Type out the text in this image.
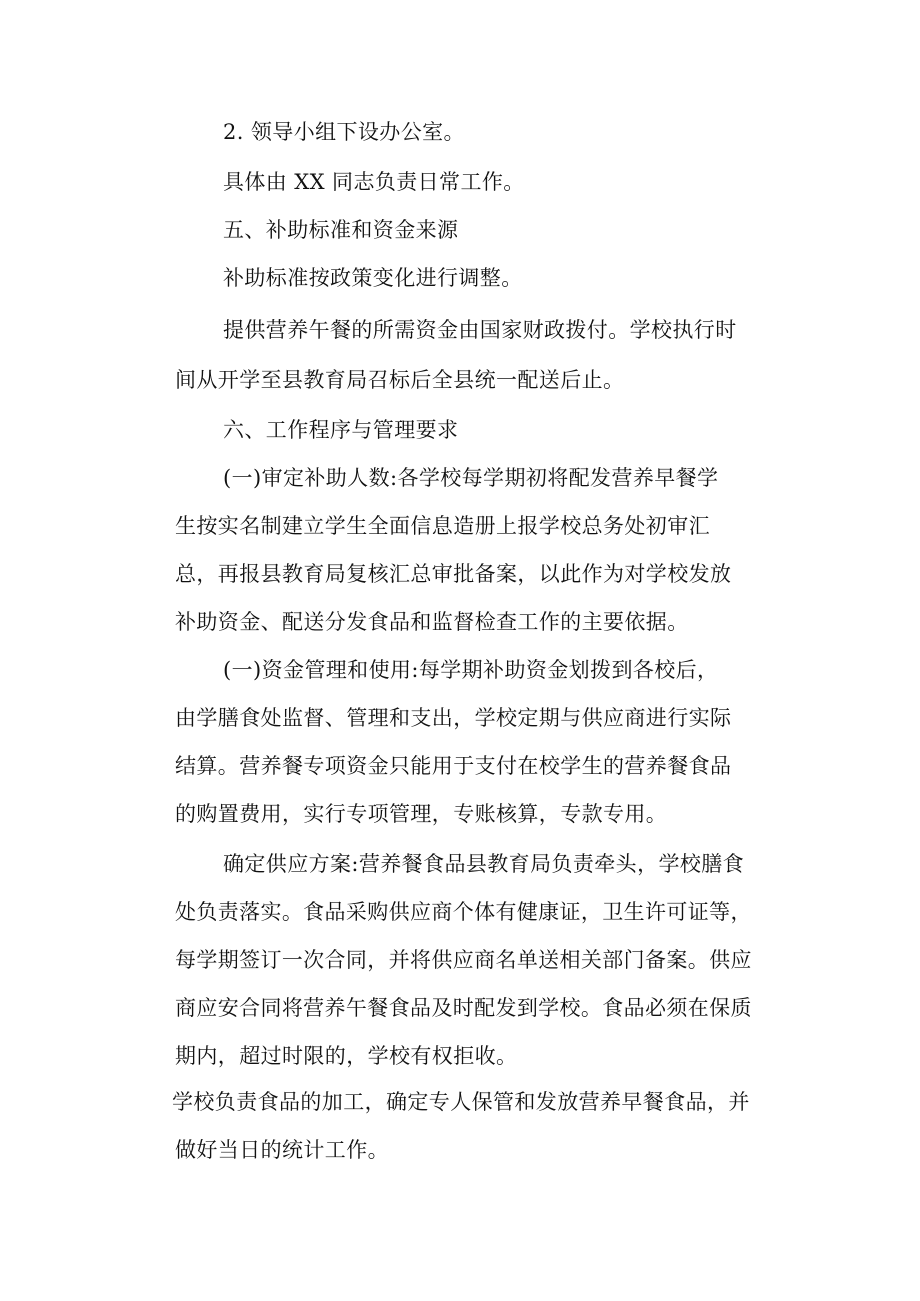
2. 领导小组下设办公室。
具体由 XX 同志负责日常工作。
五、补助标准和资金来源
补助标准按政策变化进行调整。
提供营养午餐的所需资金由国家财政拨付。学校执行时
间从开学至县教育局召标后全县统一配送后止。
六、工作程序与管理要求
(一)审定补助人数:各学校每学期初将配发营养早餐学
生按实名制建立学生全面信息造册上报学校总务处初审汇
总，再报县教育局复核汇总审批备案，以此作为对学校发放
补助资金、配送分发食品和监督检查工作的主要依据。
(一)资金管理和使用:每学期补助资金划拨到各校后，
由学膳食处监督、管理和支出，学校定期与供应商进行实际
结算。营养餐专项资金只能用于支付在校学生的营养餐食品
的购置费用，实行专项管理，专账核算，专款专用。
确定供应方案:营养餐食品县教育局负责牵头，学校膳食
处负责落实。食品采购供应商个体有健康证，卫生许可证等，
每学期签订一次合同，并将供应商名单送相关部门备案。供应
商应安合同将营养午餐食品及时配发到学校。食品必须在保质
期内，超过时限的，学校有权拒收。
学校负责食品的加工，确定专人保管和发放营养早餐食品，并
做好当日的统计工作。
